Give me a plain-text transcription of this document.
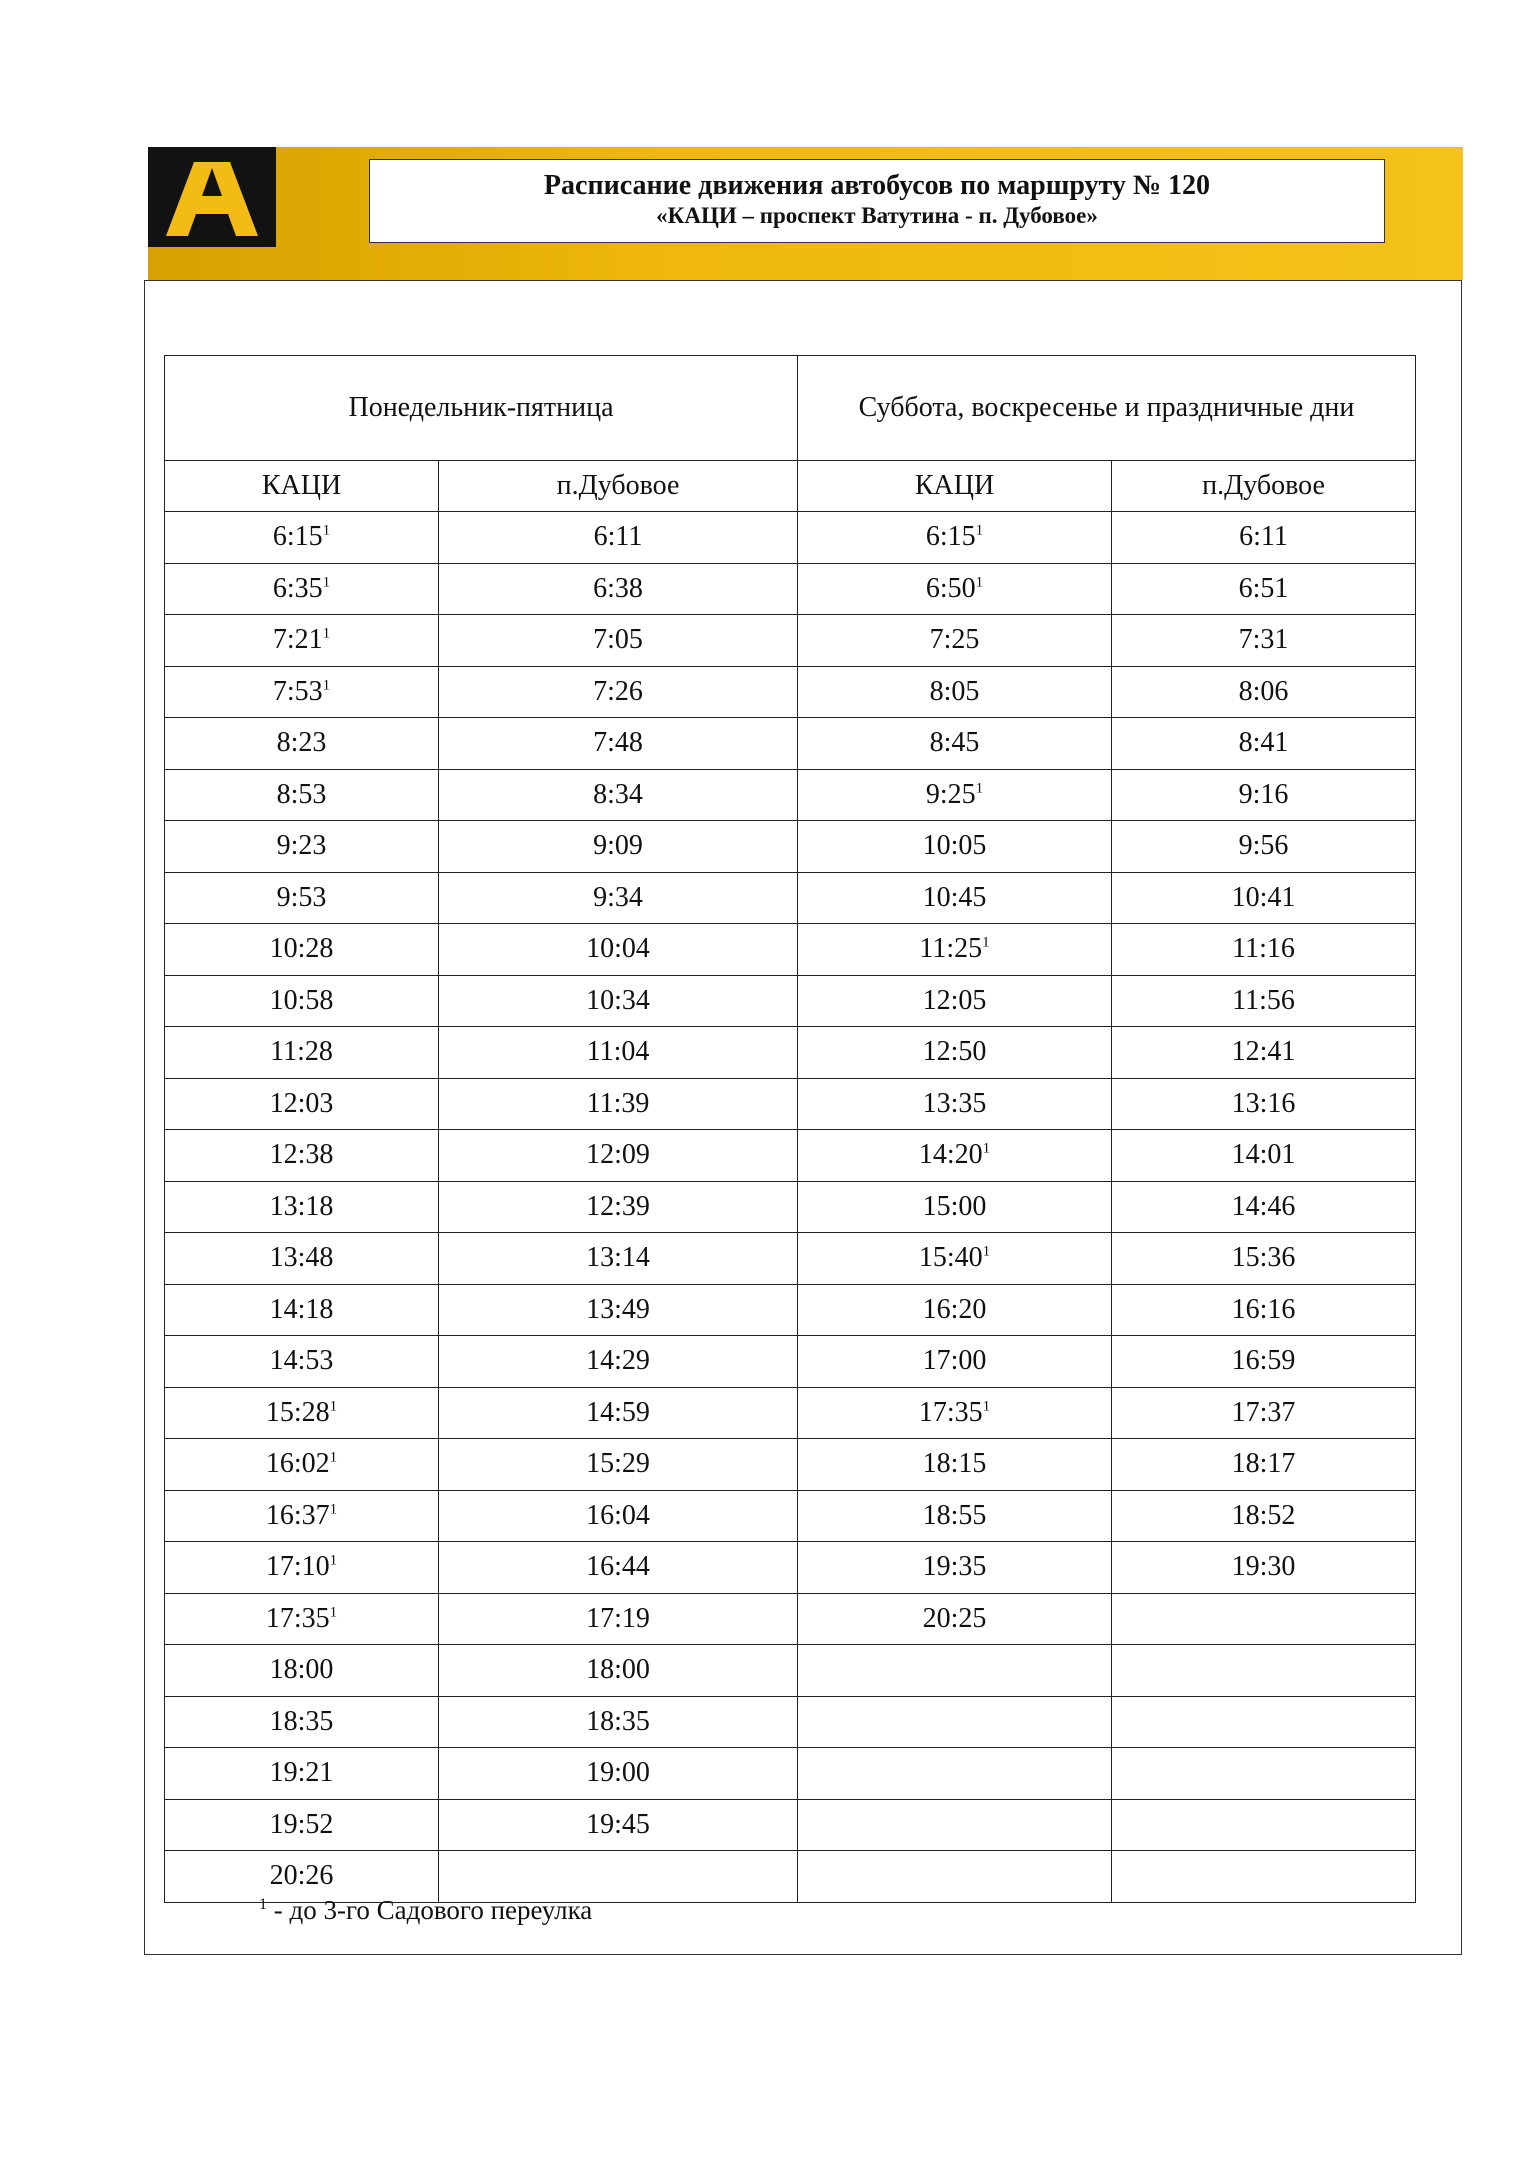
Расписание движения автобусов по маршруту № 120
«КАЦИ – проспект Ватутина - п. Дубовое»
Понедельник-пятница		Суббота, воскресенье и праздничные дни	
КАЦИ	п.Дубовое	КАЦИ	п.Дубовое
$6:15^1$	6:11	$6:15^1$	6:11
$6:35^1$	6:38	$6:50^1$	6:51
$7:21^1$	7:05	7:25	7:31
$7:53^1$	7:26	8:05	8:06
8:23	7:48	8:45	8:41
8:53	8:34	$9:25^1$	9:16
9:23	9:09	10:05	9:56
9:53	9:34	10:45	10:41
10:28	10:04	$11:25^1$	11:16
10:58	10:34	12:05	11:56
11:28	11:04	12:50	12:41
12:03	11:39	13:35	13:16
12:38	12:09	$14:20^1$	14:01
13:18	12:39	15:00	14:46
13:48	13:14	$15:40^1$	15:36
14:18	13:49	16:20	16:16
14:53	14:29	17:00	16:59
$15:28^1$	14:59	$17:35^1$	17:37
$16:02^1$	15:29	18:15	18:17
$16:37^1$	16:04	18:55	18:52
$17:10^1$	16:44	19:35	19:30
$17:35^1$	17:19	20:25	
18:00	18:00		
18:35	18:35		
19:21	19:00		
19:52	19:45		
20:26			
$^1$ - до 3-го Садового переулка
